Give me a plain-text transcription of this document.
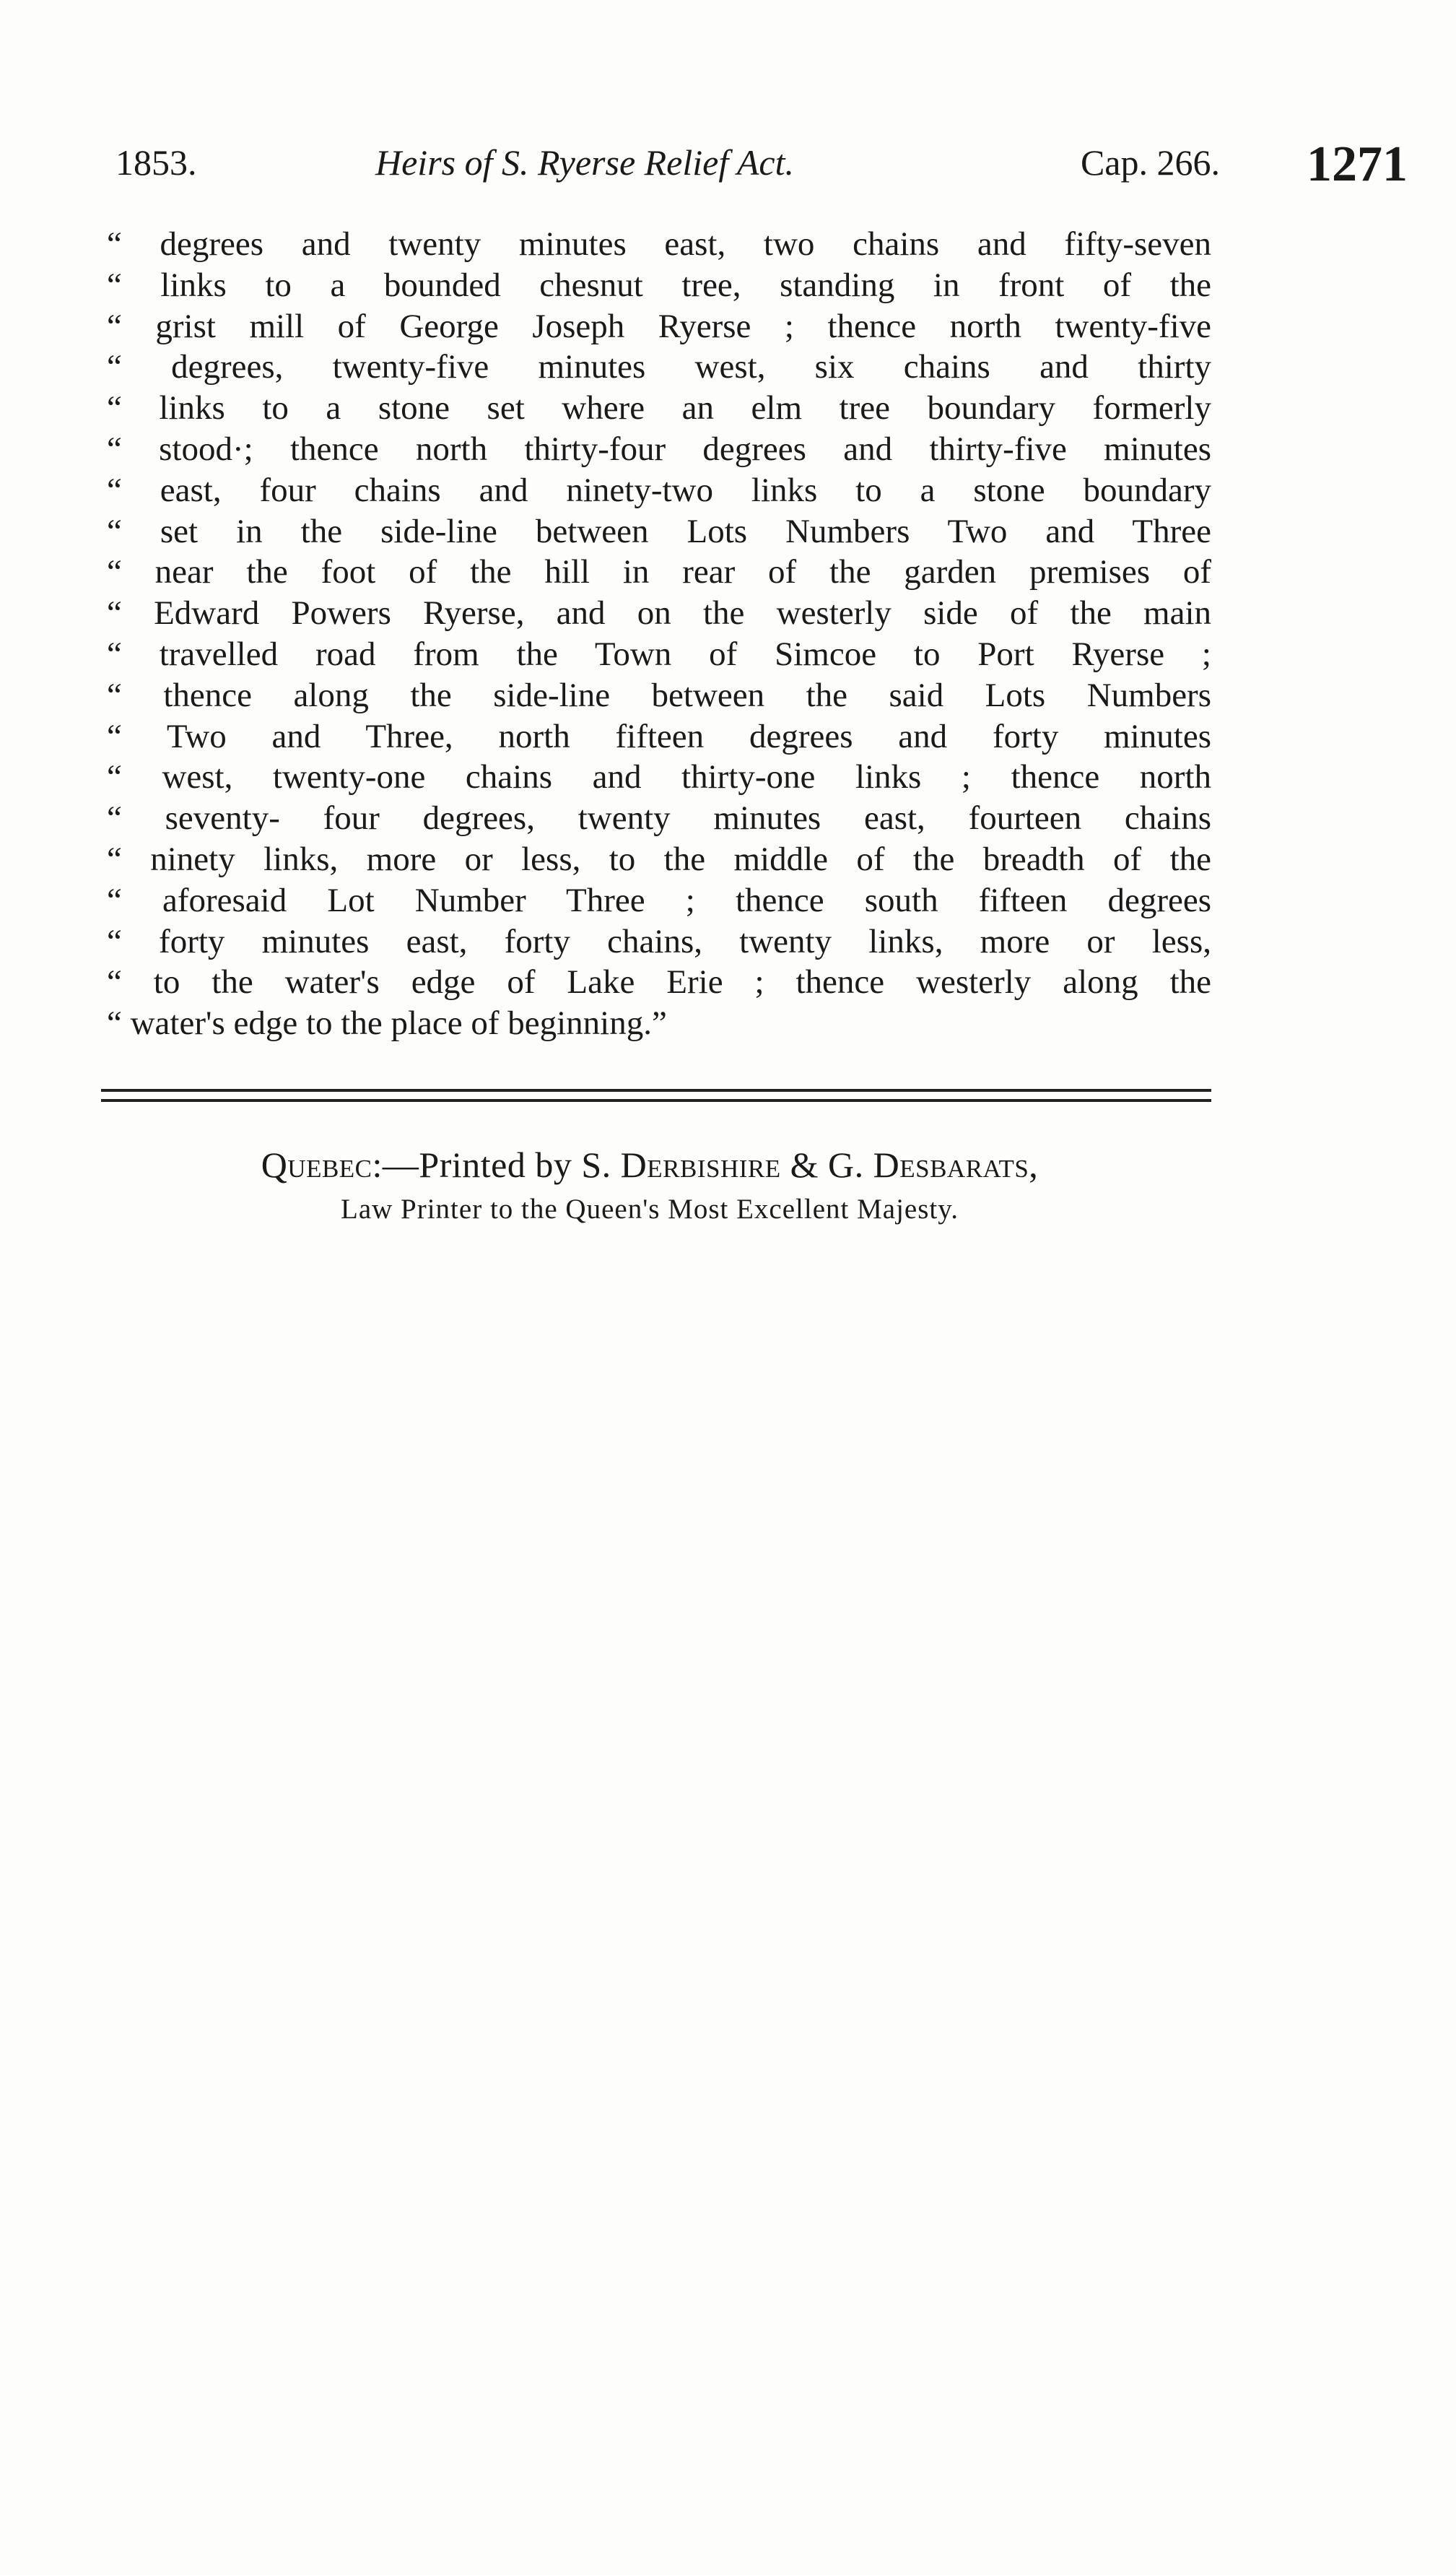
1853.	Heirs of S. Ryerse Relief Act.	Cap. 266. 1271
“ degrees and twenty minutes east, two chains and fifty-seven
“ links to a bounded chesnut tree, standing in front of the
“ grist mill of George Joseph Ryerse ; thence north twenty-five
“ degrees, twenty-five minutes west, six chains and thirty
“ links to a stone set where an elm tree boundary formerly
“ stood·; thence north thirty-four degrees and thirty-five minutes
“ east, four chains and ninety-two links to a stone boundary
“ set in the side-line between Lots Numbers Two and Three
“ near the foot of the hill in rear of the garden premises of
“ Edward Powers Ryerse, and on the westerly side of the main
“ travelled road from the Town of Simcoe to Port Ryerse ;
“ thence along the side-line between the said Lots Numbers
“ Two and Three, north fifteen degrees and forty minutes
“ west, twenty-one chains and thirty-one links ; thence north
“ seventy- four degrees, twenty minutes east, fourteen chains
“ ninety links, more or less, to the middle of the breadth of the
“ aforesaid Lot Number Three ; thence south fifteen degrees
“ forty minutes east, forty chains, twenty links, more or less,
“ to the water's edge of Lake Erie ; thence westerly along the
“ water's edge to the place of beginning.”
Quebec:—Printed by S. Derbishire & G. Desbarats,
Law Printer to the Queen's Most Excellent Majesty.
